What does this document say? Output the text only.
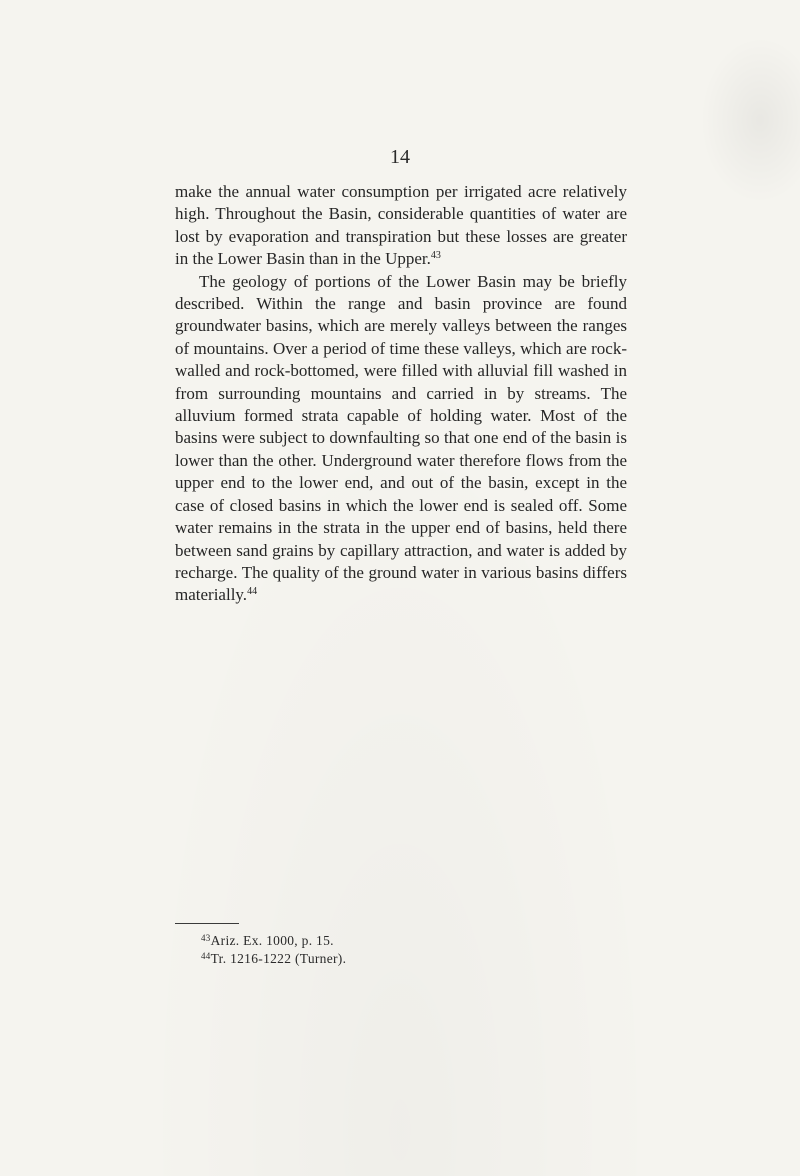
14

make the annual water consumption per irrigated acre relatively high. Throughout the Basin, considerable quantities of water are lost by evaporation and transpiration but these losses are greater in the Lower Basin than in the Upper.$^{43}$

The geology of portions of the Lower Basin may be briefly described. Within the range and basin province are found groundwater basins, which are merely valleys between the ranges of mountains. Over a period of time these valleys, which are rock-walled and rock-bottomed, were filled with alluvial fill washed in from surrounding mountains and carried in by streams. The alluvium formed strata capable of holding water. Most of the basins were subject to downfaulting so that one end of the basin is lower than the other. Underground water therefore flows from the upper end to the lower end, and out of the basin, except in the case of closed basins in which the lower end is sealed off. Some water remains in the strata in the upper end of basins, held there between sand grains by capillary attraction, and water is added by recharge. The quality of the ground water in various basins differs materially.$^{44}$

$^{43}$Ariz. Ex. 1000, p. 15.
$^{44}$Tr. 1216-1222 (Turner).
